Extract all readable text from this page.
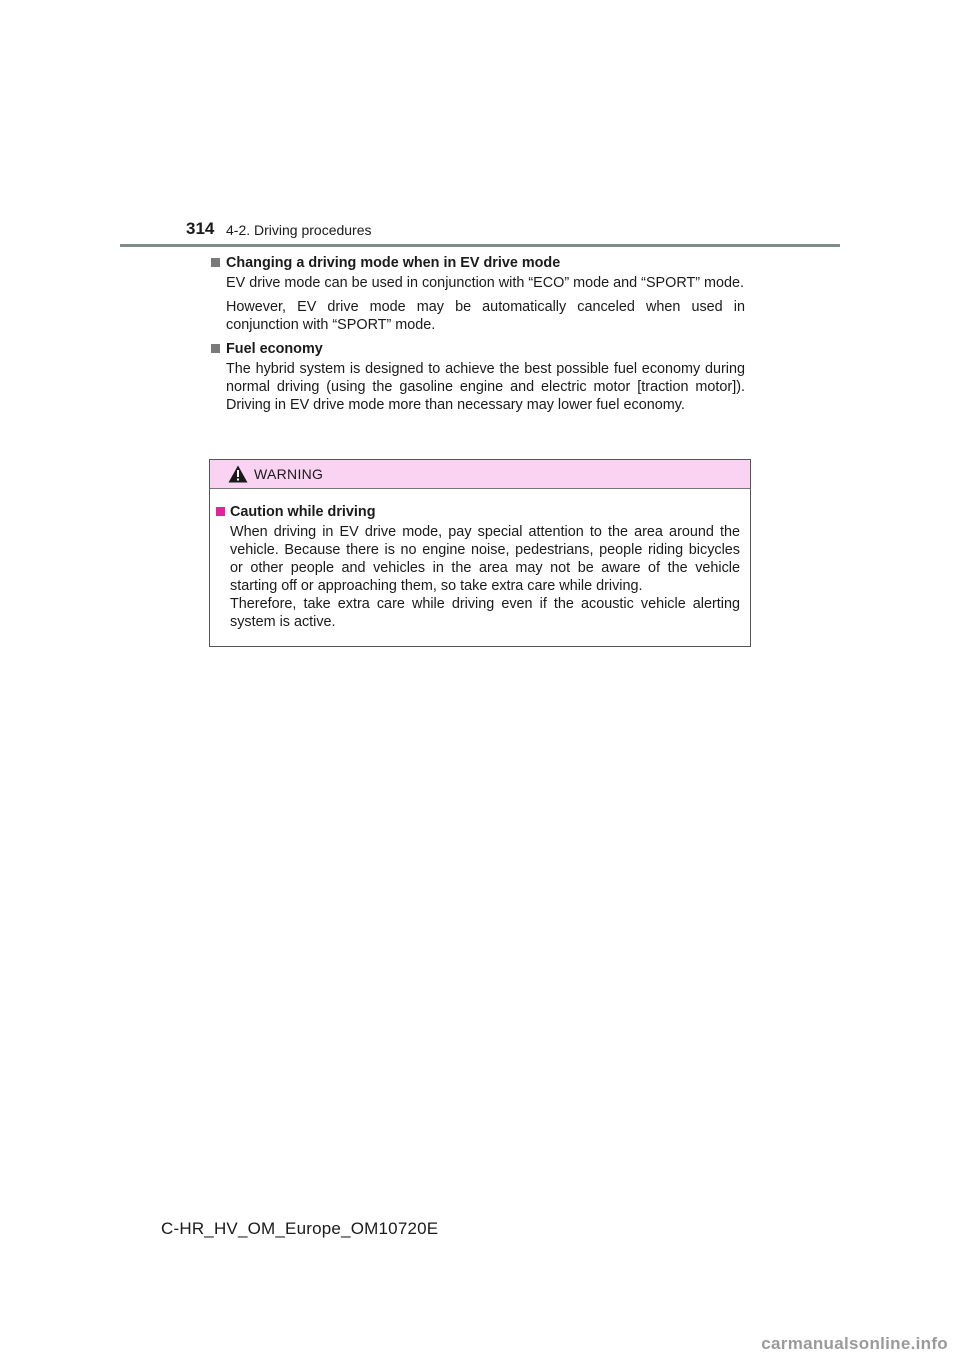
314 4-2. Driving procedures
Changing a driving mode when in EV drive mode

EV drive mode can be used in conjunction with “ECO” mode and “SPORT” mode.

However, EV drive mode may be automatically canceled when used in conjunction with “SPORT” mode.

Fuel economy

The hybrid system is designed to achieve the best possible fuel economy during normal driving (using the gasoline engine and electric motor [traction motor]). Driving in EV drive mode more than necessary may lower fuel economy.

WARNING
Caution while driving

When driving in EV drive mode, pay special attention to the area around the vehicle. Because there is no engine noise, pedestrians, people riding bicycles or other people and vehicles in the area may not be aware of the vehicle starting off or approaching them, so take extra care while driving.

Therefore, take extra care while driving even if the acoustic vehicle alerting system is active.

C-HR_HV_OM_Europe_OM10720E
carmanualsonline.info
